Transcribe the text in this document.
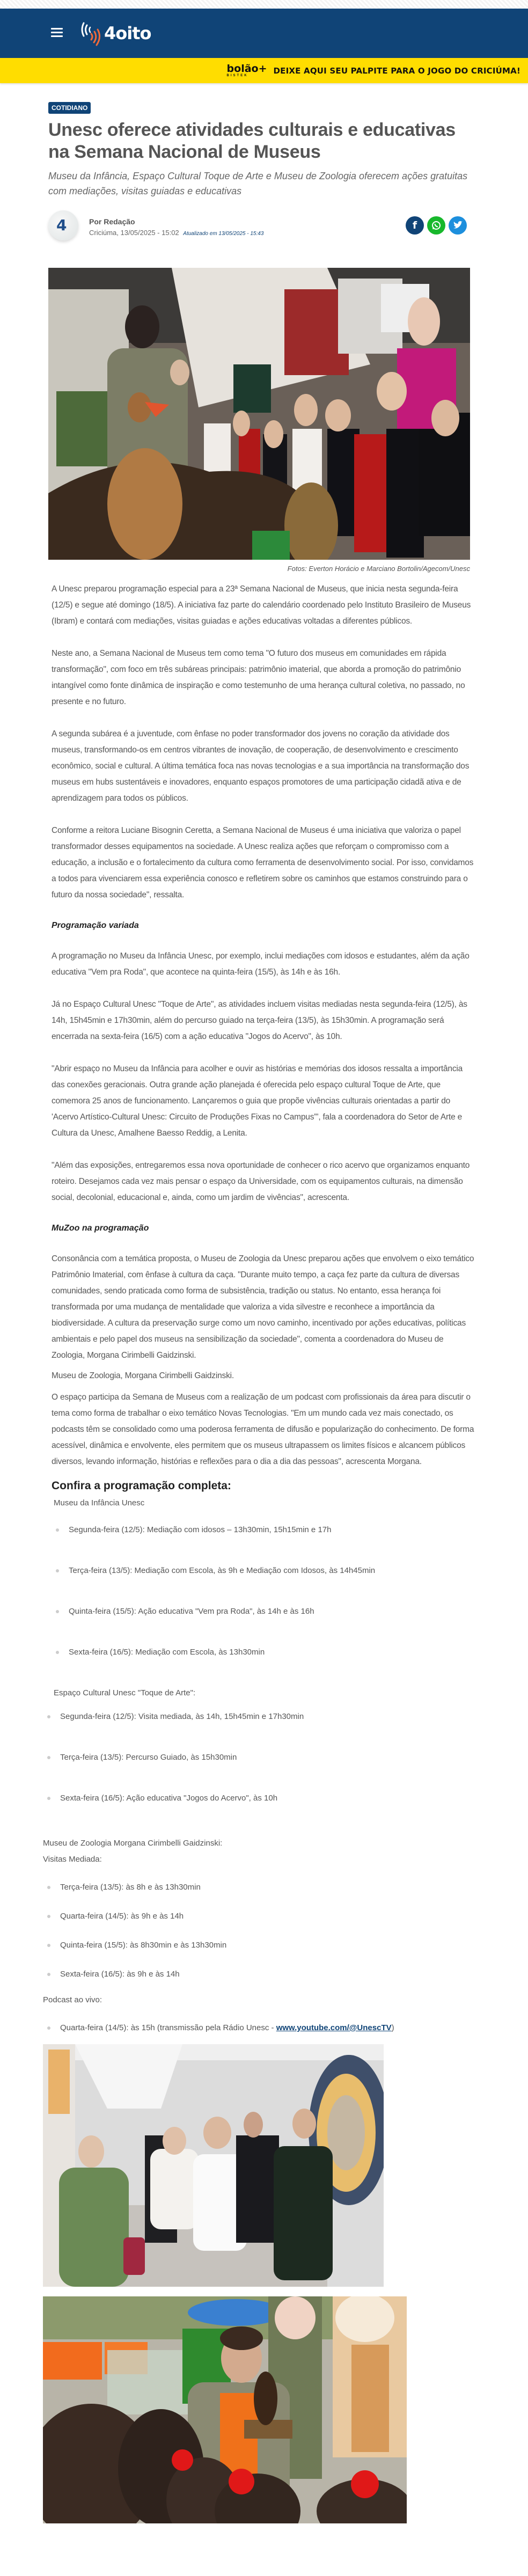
4oito
bolão+
BISTEK	DEIXE AQUI SEU PALPITE PARA O JOGO DO CRICIÚMA!
COTIDIANO
Unesc oferece atividades culturais e educativas na Semana Nacional de Museus

Museu da Infância, Espaço Cultural Toque de Arte e Museu de Zoologia oferecem ações gratuitas com mediações, visitas guiadas e educativas

4	Por Redação
Criciúma, 13/05/2025 - 15:02 Atualizado em 13/05/2025 - 15:43
f
Fotos: Everton Horácio e Marciano Bortolin/Agecom/Unesc

A Unesc preparou programação especial para a 23ª Semana Nacional de Museus, que inicia nesta segunda-feira (12/5) e segue até domingo (18/5). A iniciativa faz parte do calendário coordenado pelo Instituto Brasileiro de Museus (Ibram) e contará com mediações, visitas guiadas e ações educativas voltadas a diferentes públicos.

Neste ano, a Semana Nacional de Museus tem como tema "O futuro dos museus em comunidades em rápida transformação", com foco em três subáreas principais: patrimônio imaterial, que aborda a promoção do patrimônio intangível como fonte dinâmica de inspiração e como testemunho de uma herança cultural coletiva, no passado, no presente e no futuro.

A segunda subárea é a juventude, com ênfase no poder transformador dos jovens no coração da atividade dos museus, transformando-os em centros vibrantes de inovação, de cooperação, de desenvolvimento e crescimento econômico, social e cultural. A última temática foca nas novas tecnologias e a sua importância na transformação dos museus em hubs sustentáveis e inovadores, enquanto espaços promotores de uma participação cidadã ativa e de aprendizagem para todos os públicos.

Conforme a reitora Luciane Bisognin Ceretta, a Semana Nacional de Museus é uma iniciativa que valoriza o papel transformador desses equipamentos na sociedade. A Unesc realiza ações que reforçam o compromisso com a educação, a inclusão e o fortalecimento da cultura como ferramenta de desenvolvimento social. Por isso, convidamos a todos para vivenciarem essa experiência conosco e refletirem sobre os caminhos que estamos construindo para o futuro da nossa sociedade", ressalta.

Programação variada

A programação no Museu da Infância Unesc, por exemplo, inclui mediações com idosos e estudantes, além da ação educativa "Vem pra Roda", que acontece na quinta-feira (15/5), às 14h e às 16h.

Já no Espaço Cultural Unesc "Toque de Arte", as atividades incluem visitas mediadas nesta segunda-feira (12/5), às 14h, 15h45min e 17h30min, além do percurso guiado na terça-feira (13/5), às 15h30min. A programação será encerrada na sexta-feira (16/5) com a ação educativa "Jogos do Acervo", às 10h.

"Abrir espaço no Museu da Infância para acolher e ouvir as histórias e memórias dos idosos ressalta a importância das conexões geracionais. Outra grande ação planejada é oferecida pelo espaço cultural Toque de Arte, que comemora 25 anos de funcionamento. Lançaremos o guia que propõe vivências culturais orientadas a partir do 'Acervo Artístico-Cultural Unesc: Circuito de Produções Fixas no Campus'", fala a coordenadora do Setor de Arte e Cultura da Unesc, Amalhene Baesso Reddig, a Lenita.

"Além das exposições, entregaremos essa nova oportunidade de conhecer o rico acervo que organizamos enquanto roteiro. Desejamos cada vez mais pensar o espaço da Universidade, com os equipamentos culturais, na dimensão social, decolonial, educacional e, ainda, como um jardim de vivências", acrescenta.

MuZoo na programação

Consonância com a temática proposta, o Museu de Zoologia da Unesc preparou ações que envolvem o eixo temático Patrimônio Imaterial, com ênfase à cultura da caça. "Durante muito tempo, a caça fez parte da cultura de diversas comunidades, sendo praticada como forma de subsistência, tradição ou status. No entanto, essa herança foi transformada por uma mudança de mentalidade que valoriza a vida silvestre e reconhece a importância da biodiversidade. A cultura da preservação surge como um novo caminho, incentivado por ações educativas, políticas ambientais e pelo papel dos museus na sensibilização da sociedade", comenta a coordenadora do Museu de Zoologia, Morgana Cirimbelli Gaidzinski.

Museu de Zoologia, Morgana Cirimbelli Gaidzinski.

O espaço participa da Semana de Museus com a realização de um podcast com profissionais da área para discutir o tema como forma de trabalhar o eixo temático Novas Tecnologias. "Em um mundo cada vez mais conectado, os podcasts têm se consolidado como uma poderosa ferramenta de difusão e popularização do conhecimento. De forma acessível, dinâmica e envolvente, eles permitem que os museus ultrapassem os limites físicos e alcancem públicos diversos, levando informação, histórias e reflexões para o dia a dia das pessoas", acrescenta Morgana.

Confira a programação completa:
Museu da Infância Unesc
Segunda-feira (12/5): Mediação com idosos – 13h30min, 15h15min e 17h
Terça-feira (13/5): Mediação com Escola, às 9h e Mediação com Idosos, às 14h45min
Quinta-feira (15/5): Ação educativa "Vem pra Roda", às 14h e às 16h
Sexta-feira (16/5): Mediação com Escola, às 13h30min
Espaço Cultural Unesc "Toque de Arte":
Segunda-feira (12/5): Visita mediada, às 14h, 15h45min e 17h30min
Terça-feira (13/5): Percurso Guiado, às 15h30min
Sexta-feira (16/5): Ação educativa "Jogos do Acervo", às 10h
Museu de Zoologia Morgana Cirimbelli Gaidzinski:
Visitas Mediada:
Terça-feira (13/5): às 8h e às 13h30min
Quarta-feira (14/5): às 9h e às 14h
Quinta-feira (15/5): às 8h30min e às 13h30min
Sexta-feira (16/5): às 9h e às 14h
Podcast ao vivo:
Quarta-feira (14/5): às 15h (transmissão pela Rádio Unesc - www.youtube.com/@UnescTV)
